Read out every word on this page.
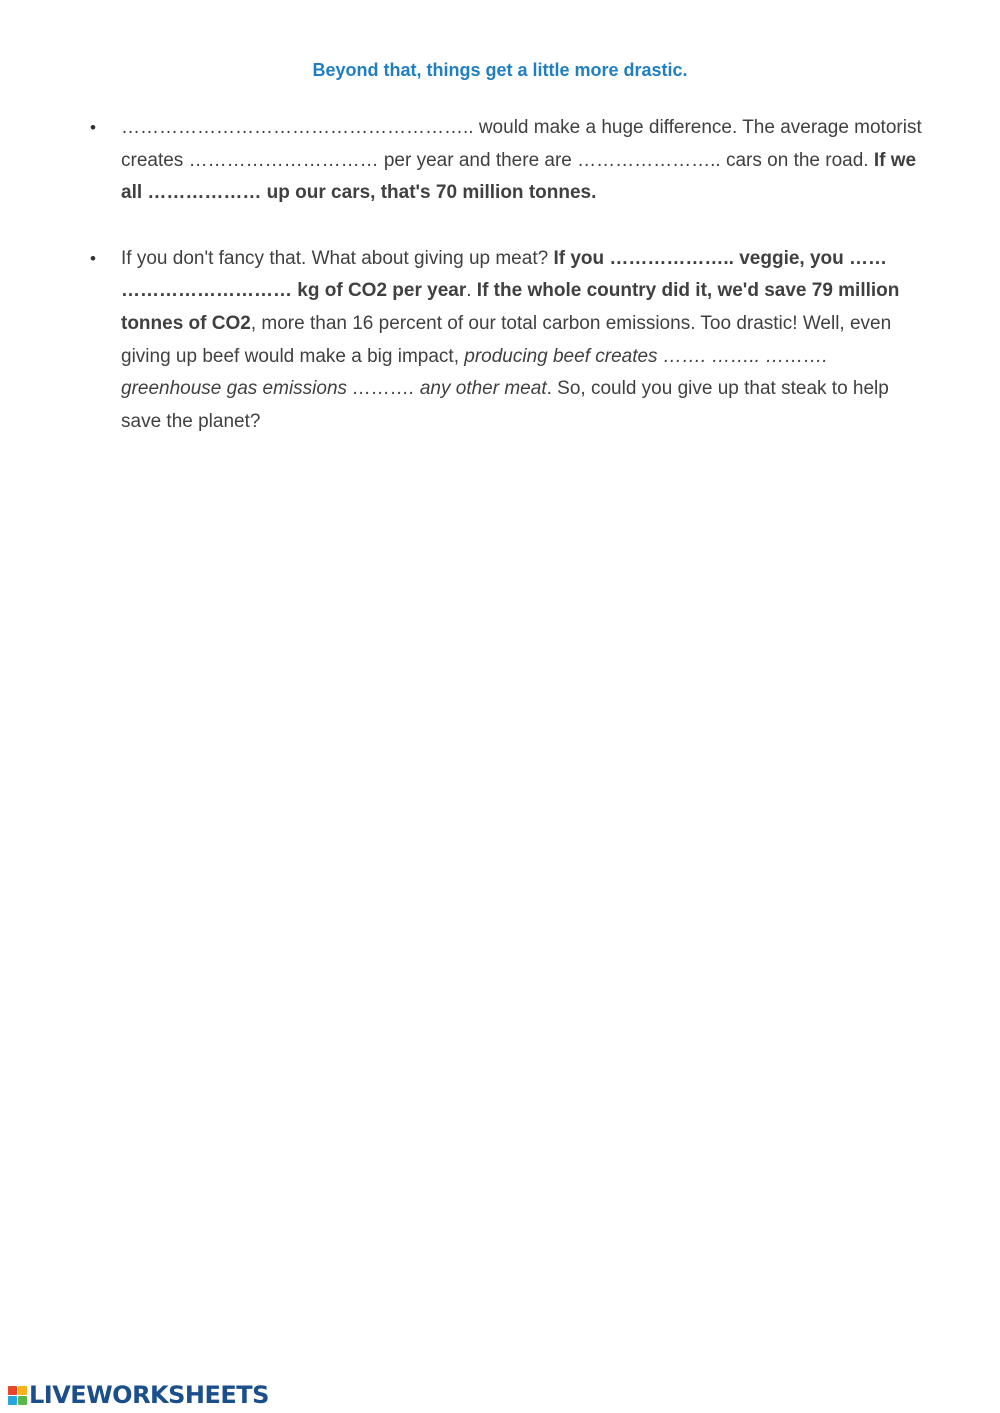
Beyond that, things get a little more drastic.
• ……………………………………………….. would make a huge difference. The average motorist creates ………………………… per year and there are ………………….. cars on the road. If we all ……………… up our cars, that's 70 million tonnes.
• If you don't fancy that. What about giving up meat? If you ……………….. veggie, you …… ……………………… kg of CO2 per year. If the whole country did it, we'd save 79 million tonnes of CO2, more than 16 percent of our total carbon emissions. Too drastic! Well, even giving up beef would make a big impact, producing beef creates ……. …….. ………. greenhouse gas emissions ………. any other meat. So, could you give up that steak to help save the planet?
LIVEWORKSHEETS
